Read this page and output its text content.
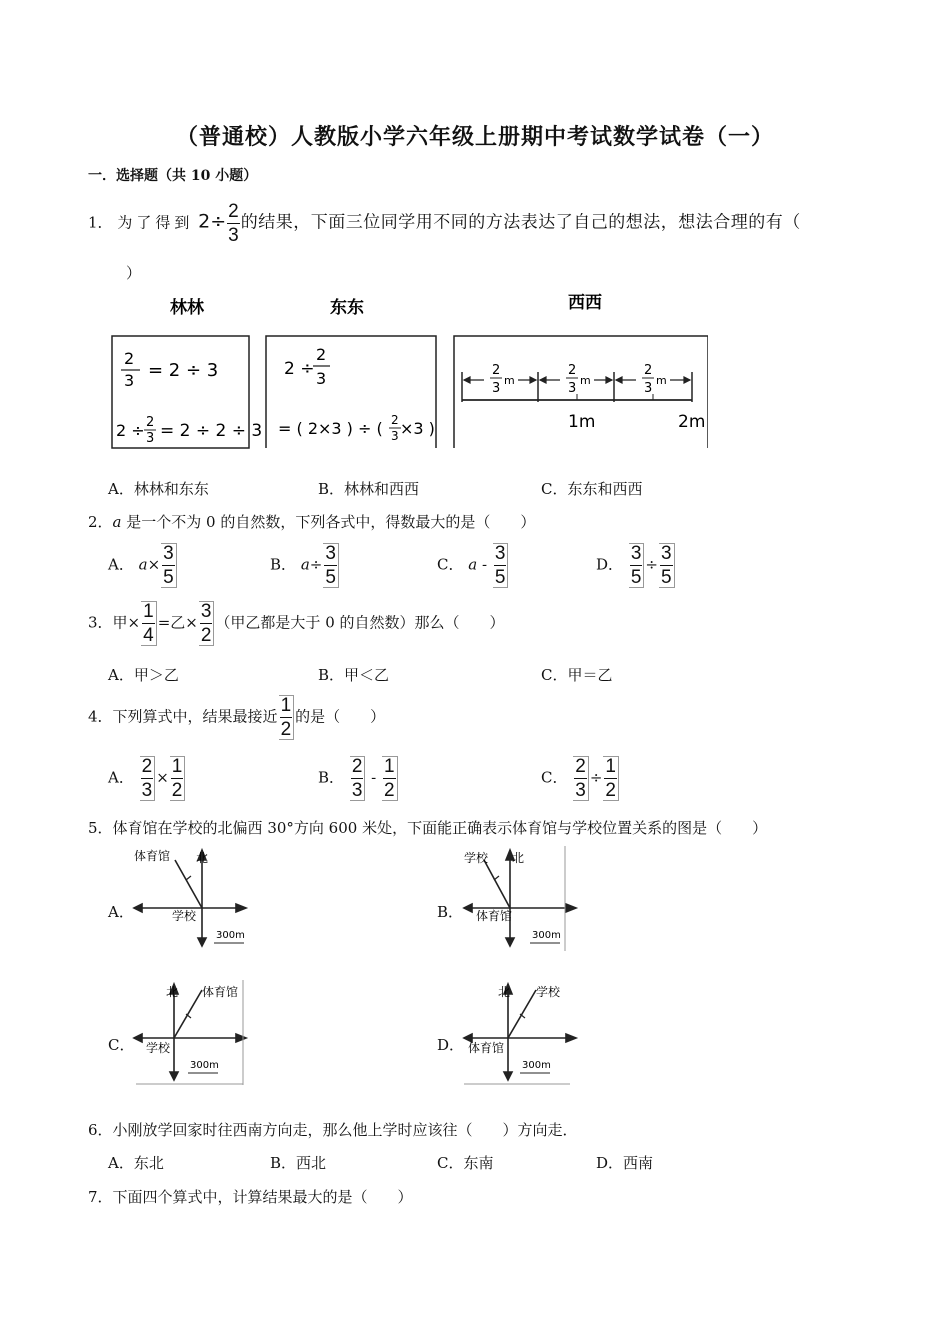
（普通校）人教版小学六年级上册期中考试数学试卷（一）
一．选择题（共 10 小题）
1． 为了得到 $2\div \frac{2}{3}$ 的结果，下面三位同学用不同的方法表达了自己的想法，想法合理的有（
）
林林	东东	西西
2
3 = 2 ÷ 3
2 ÷ 2
3 = 2 ÷ 2 ÷ 3
2 ÷
2
3
= ( 2×3 ) ÷ ( 2
3 ×3 )
2
3
m
2
3
m
2
3
m
1m	2m
A．林林和东东	B．林林和西西	C．东东和西西
2．a 是一个不为 0 的自然数，下列各式中，得数最大的是（　　）
A． $a\times \frac{3}{5}$	B． $a\div \frac{3}{5}$	C． a - $\frac{3}{5}$	D． $\frac{3}{5} \div \frac{3}{5}$
3．甲× $\frac{1}{4}$ =乙× $\frac{3}{2}$ （甲乙都是大于 0 的自然数）那么（　　）
A．甲＞乙	B．甲＜乙	C．甲＝乙
4．下列算式中，结果最接近 $\frac{1}{2}$ 的是（　　）
A． $\frac{2}{3} \times \frac{1}{2}$	B． $\frac{2}{3} - \frac{1}{2}$	C． $\frac{2}{3} \div \frac{1}{2}$
5．体育馆在学校的北偏西 30°方向 600 米处，下面能正确表示体育馆与学校位置关系的图是（　　）
A．	B．
C．	D．
体育馆 北
学校
300m
学校 北
体育馆
300m
北 体育馆
学校
300m
北 学校
体育馆
300m
6．小刚放学回家时往西南方向走，那么他上学时应该往（　　）方向走．
A．东北	B．西北	C．东南	D．西南
7．下面四个算式中，计算结果最大的是（　　）
